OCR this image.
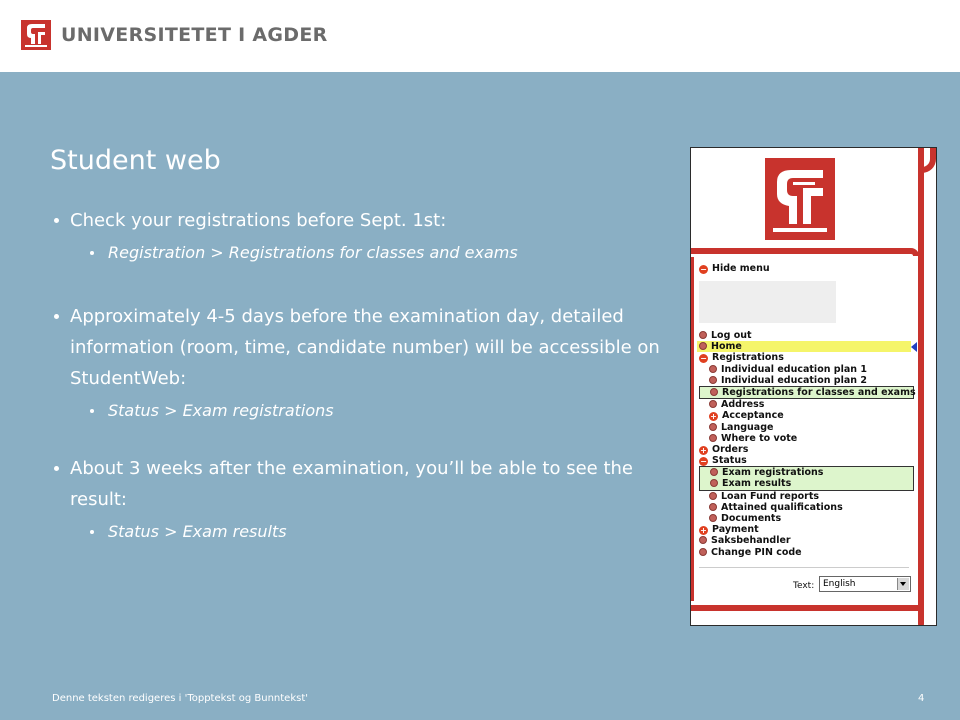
UNIVERSITETET I AGDER
Student web
Check your registrations before Sept. 1st:
Registration > Registrations for classes and exams
Approximately 4-5 days before the examination day, detailed information (room, time, candidate number) will be accessible on StudentWeb:
Status > Exam registrations
About 3 weeks after the examination, you’ll be able to see the result:
Status > Exam results
− Hide menu
Log out
Home
− Registrations
Individual education plan 1
Individual education plan 2
Registrations for classes and exams
Address
+ Acceptance
Language
Where to vote
+ Orders
− Status
Exam registrations
Exam results
Loan Fund reports
Attained qualifications
Documents
+ Payment
Saksbehandler
Change PIN code
Text: English
Denne teksten redigeres i 'Topptekst og Bunntekst'	4
